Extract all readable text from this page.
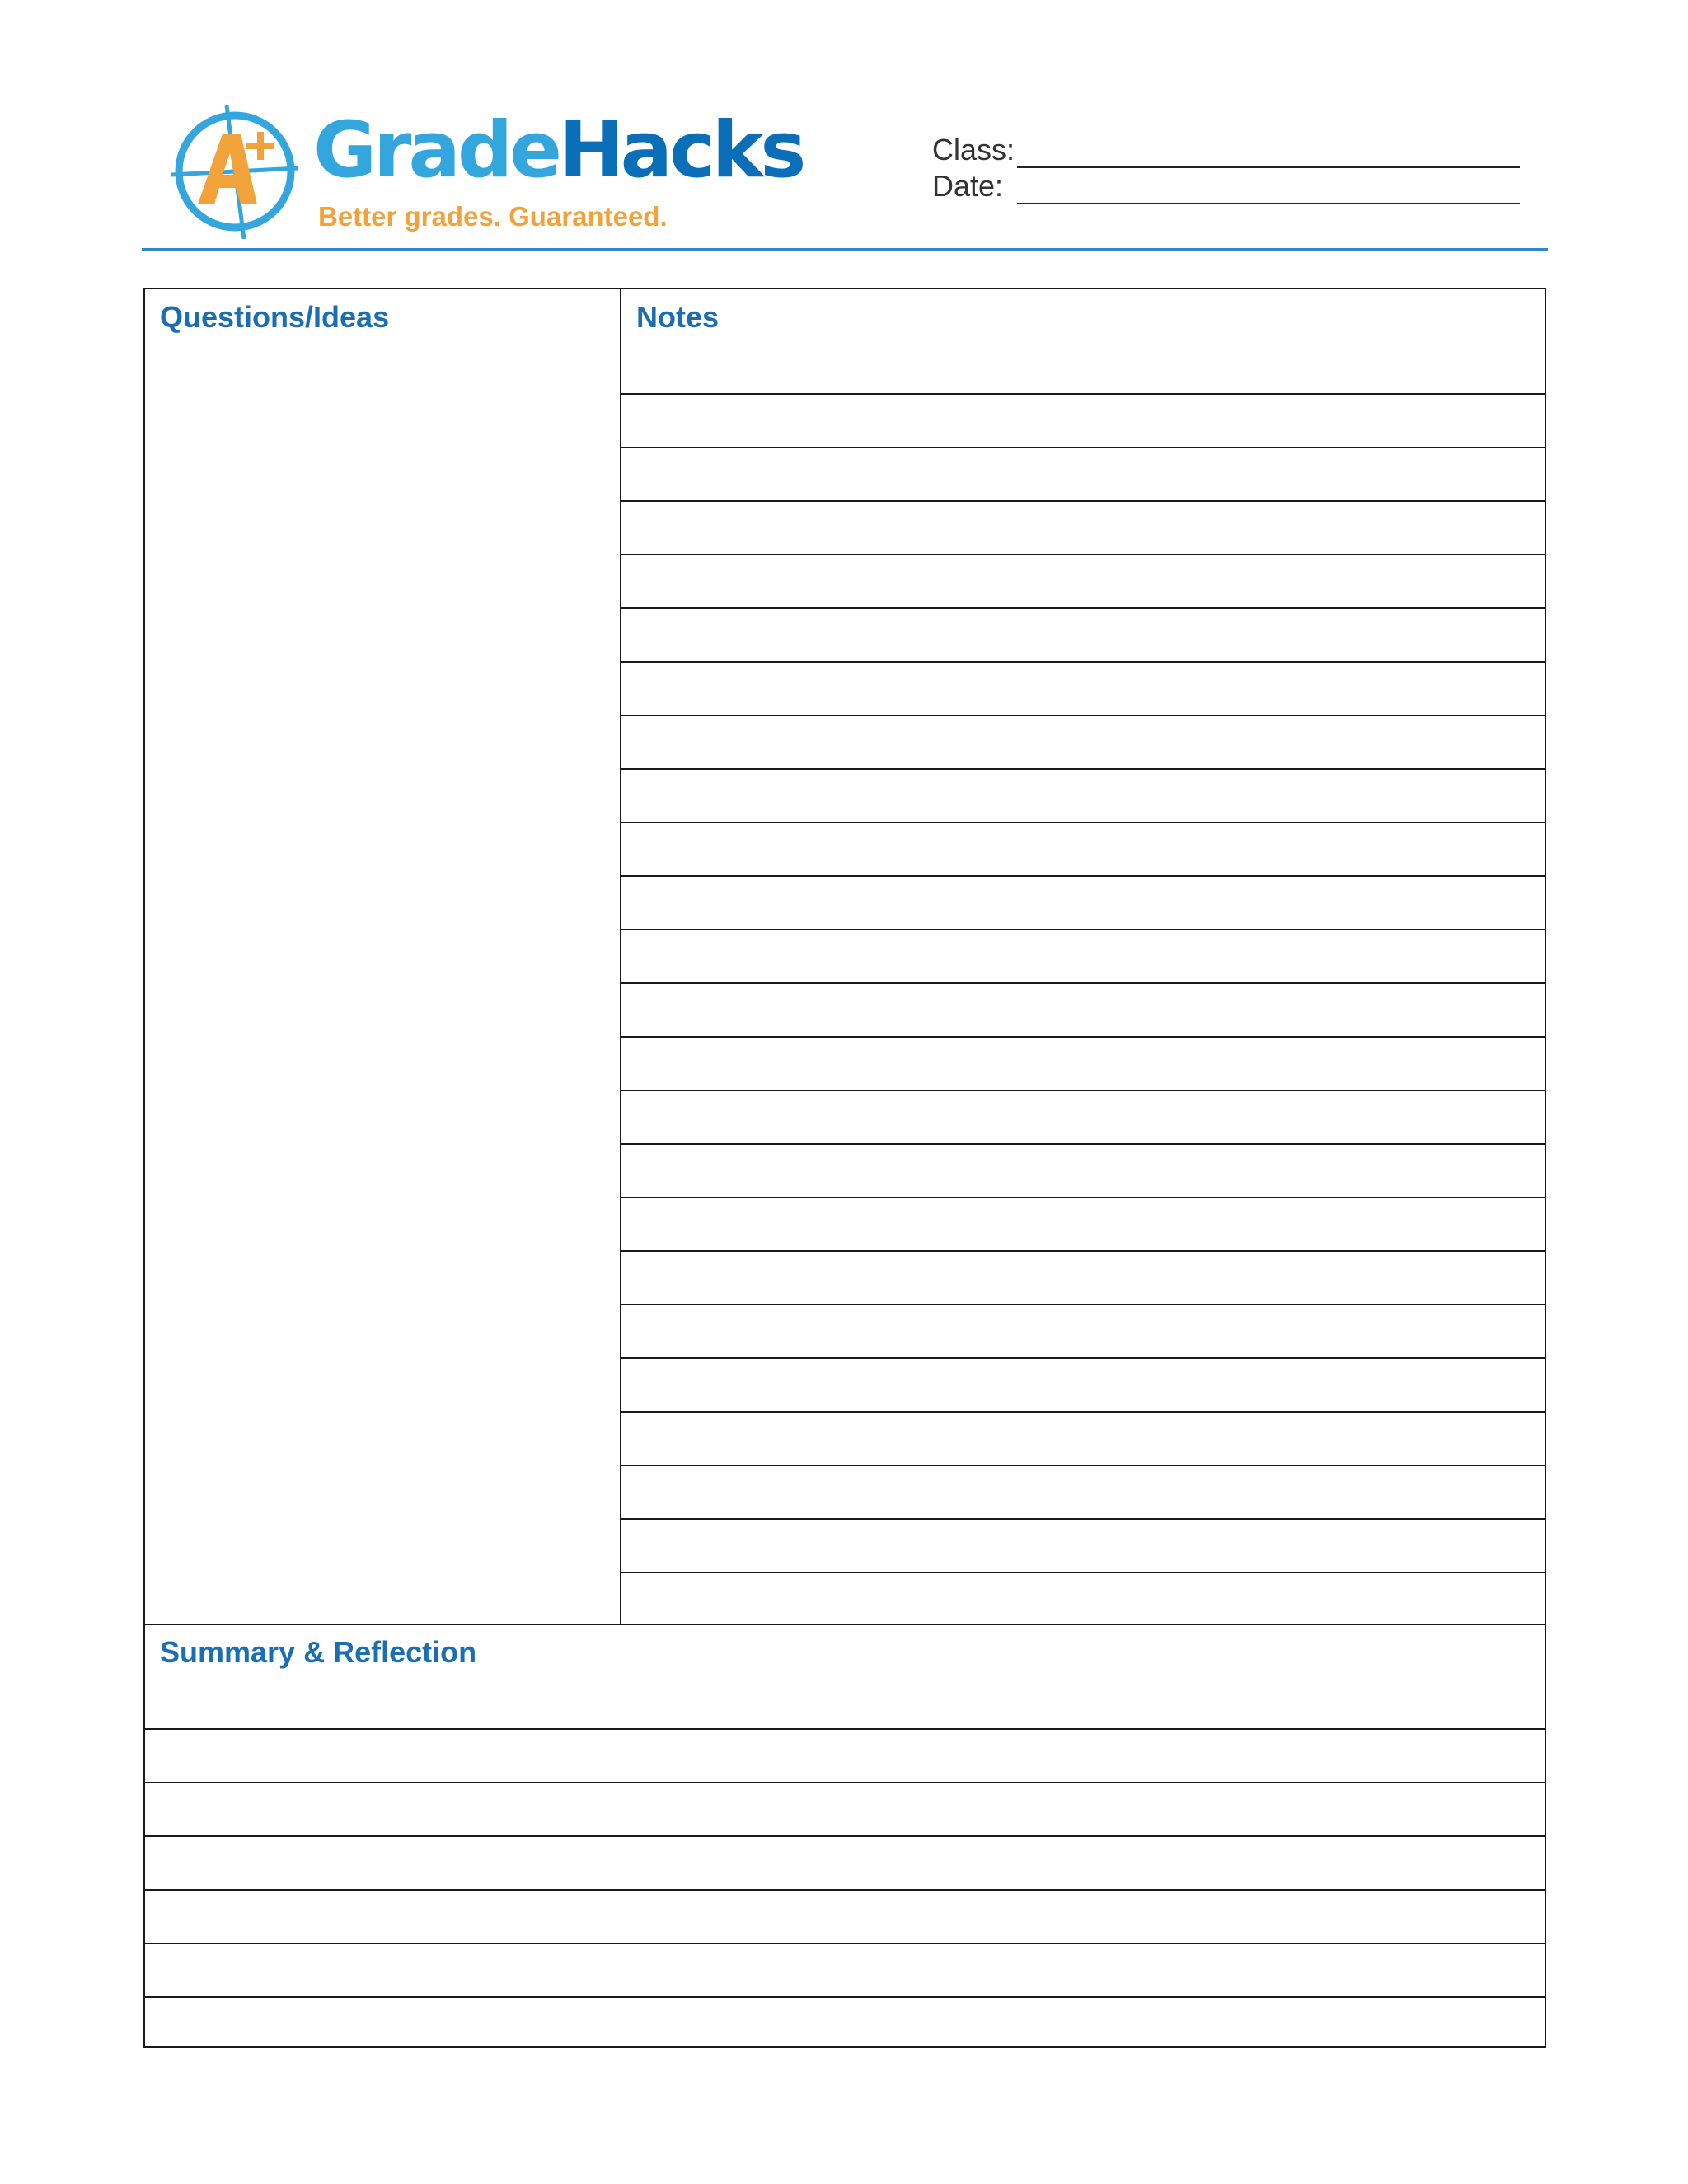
GradeHacks
Better grades. Guaranteed.
Class:
Date:
Questions/Ideas	Notes
Summary & Reflection
